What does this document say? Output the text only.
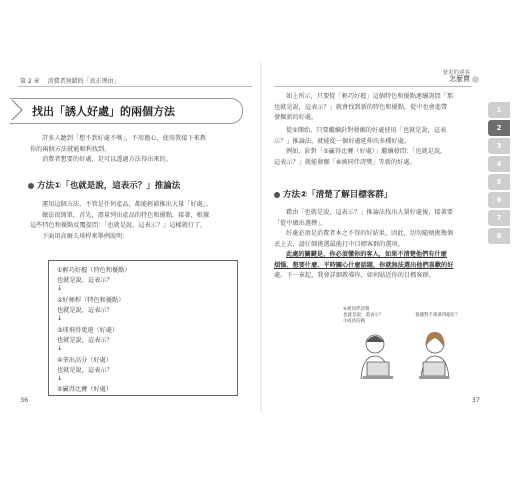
第 2 章 消費者無錯的「真正理由」
找出「誘人好處」的兩個方法
許多人聽到「想不到好處不嗎」，不用擔心，使用我接下來教
你的兩個方法就能順利找到。
消費者想要的好處，是可以透過方法得出來的。
方法①「也就是說，這表示？」推論法
運用這個方法，不管是任何產品，都能輕鬆推出大量「好處」。
做法很簡單，首先，盡量列出產品的特色和優點，接著，根據
這些特色和優點反覆提問：「也就是說，這表示？」這樣就行了。
下面用高爾夫球桿來舉例說明：
①輕巧好握（特色和優點）
也就是說，這表示？
↓
②好揮桿（特色和優點）
也就是說，這表示？
↓
③球飛得更遠（好處）
也就是說，這表示？
↓
④拿出高分（好處）
也就是說，這表示？
↓
⑤贏得比賽（好處）
36
發更的違客
怎麼賣
如上所示，只要從「輕巧好握」這個特色和優點連續詢問「那
也就是說，這表示？」就會找到新的特色和優點，從中也會進帶
發掘新的好處。
從⑤開始，只要繼續針對發掘的好處使用「也就是說，這表
示？」推論法，就能從一個好處延伸出多種好處。
例如，針對「⑤贏得比賽（好處）」繼續發問：「也就是說，
這表示？」就能發掘「⑥被同伴誇獎」等新的好處。
方法②「清楚了解目標客群」
藉由「也就是說，這表示？」推論法找出大量好處後，接著要
「從中做出選擇」。
好處必須是消費者本之不得的好結果，因此，切勿隨便挑幾個
丟上去，請仔細挑選最能打中目標客群的選項。
此處的關鍵是，你必須懂你的客人，如果不清楚他們有什麼
煩惱、想要什麼、平時關心什麼話題，你就無法選出他們喜歡的好
處。下一章起，我會詳細教導你，如何貼近你的目標客群。
⑥被同伴誇獎
也就是說，還表示？
⑦成員信賴
會讓對手羨慕得眼紅？
1
2
3
4
5
6
7
8
37
